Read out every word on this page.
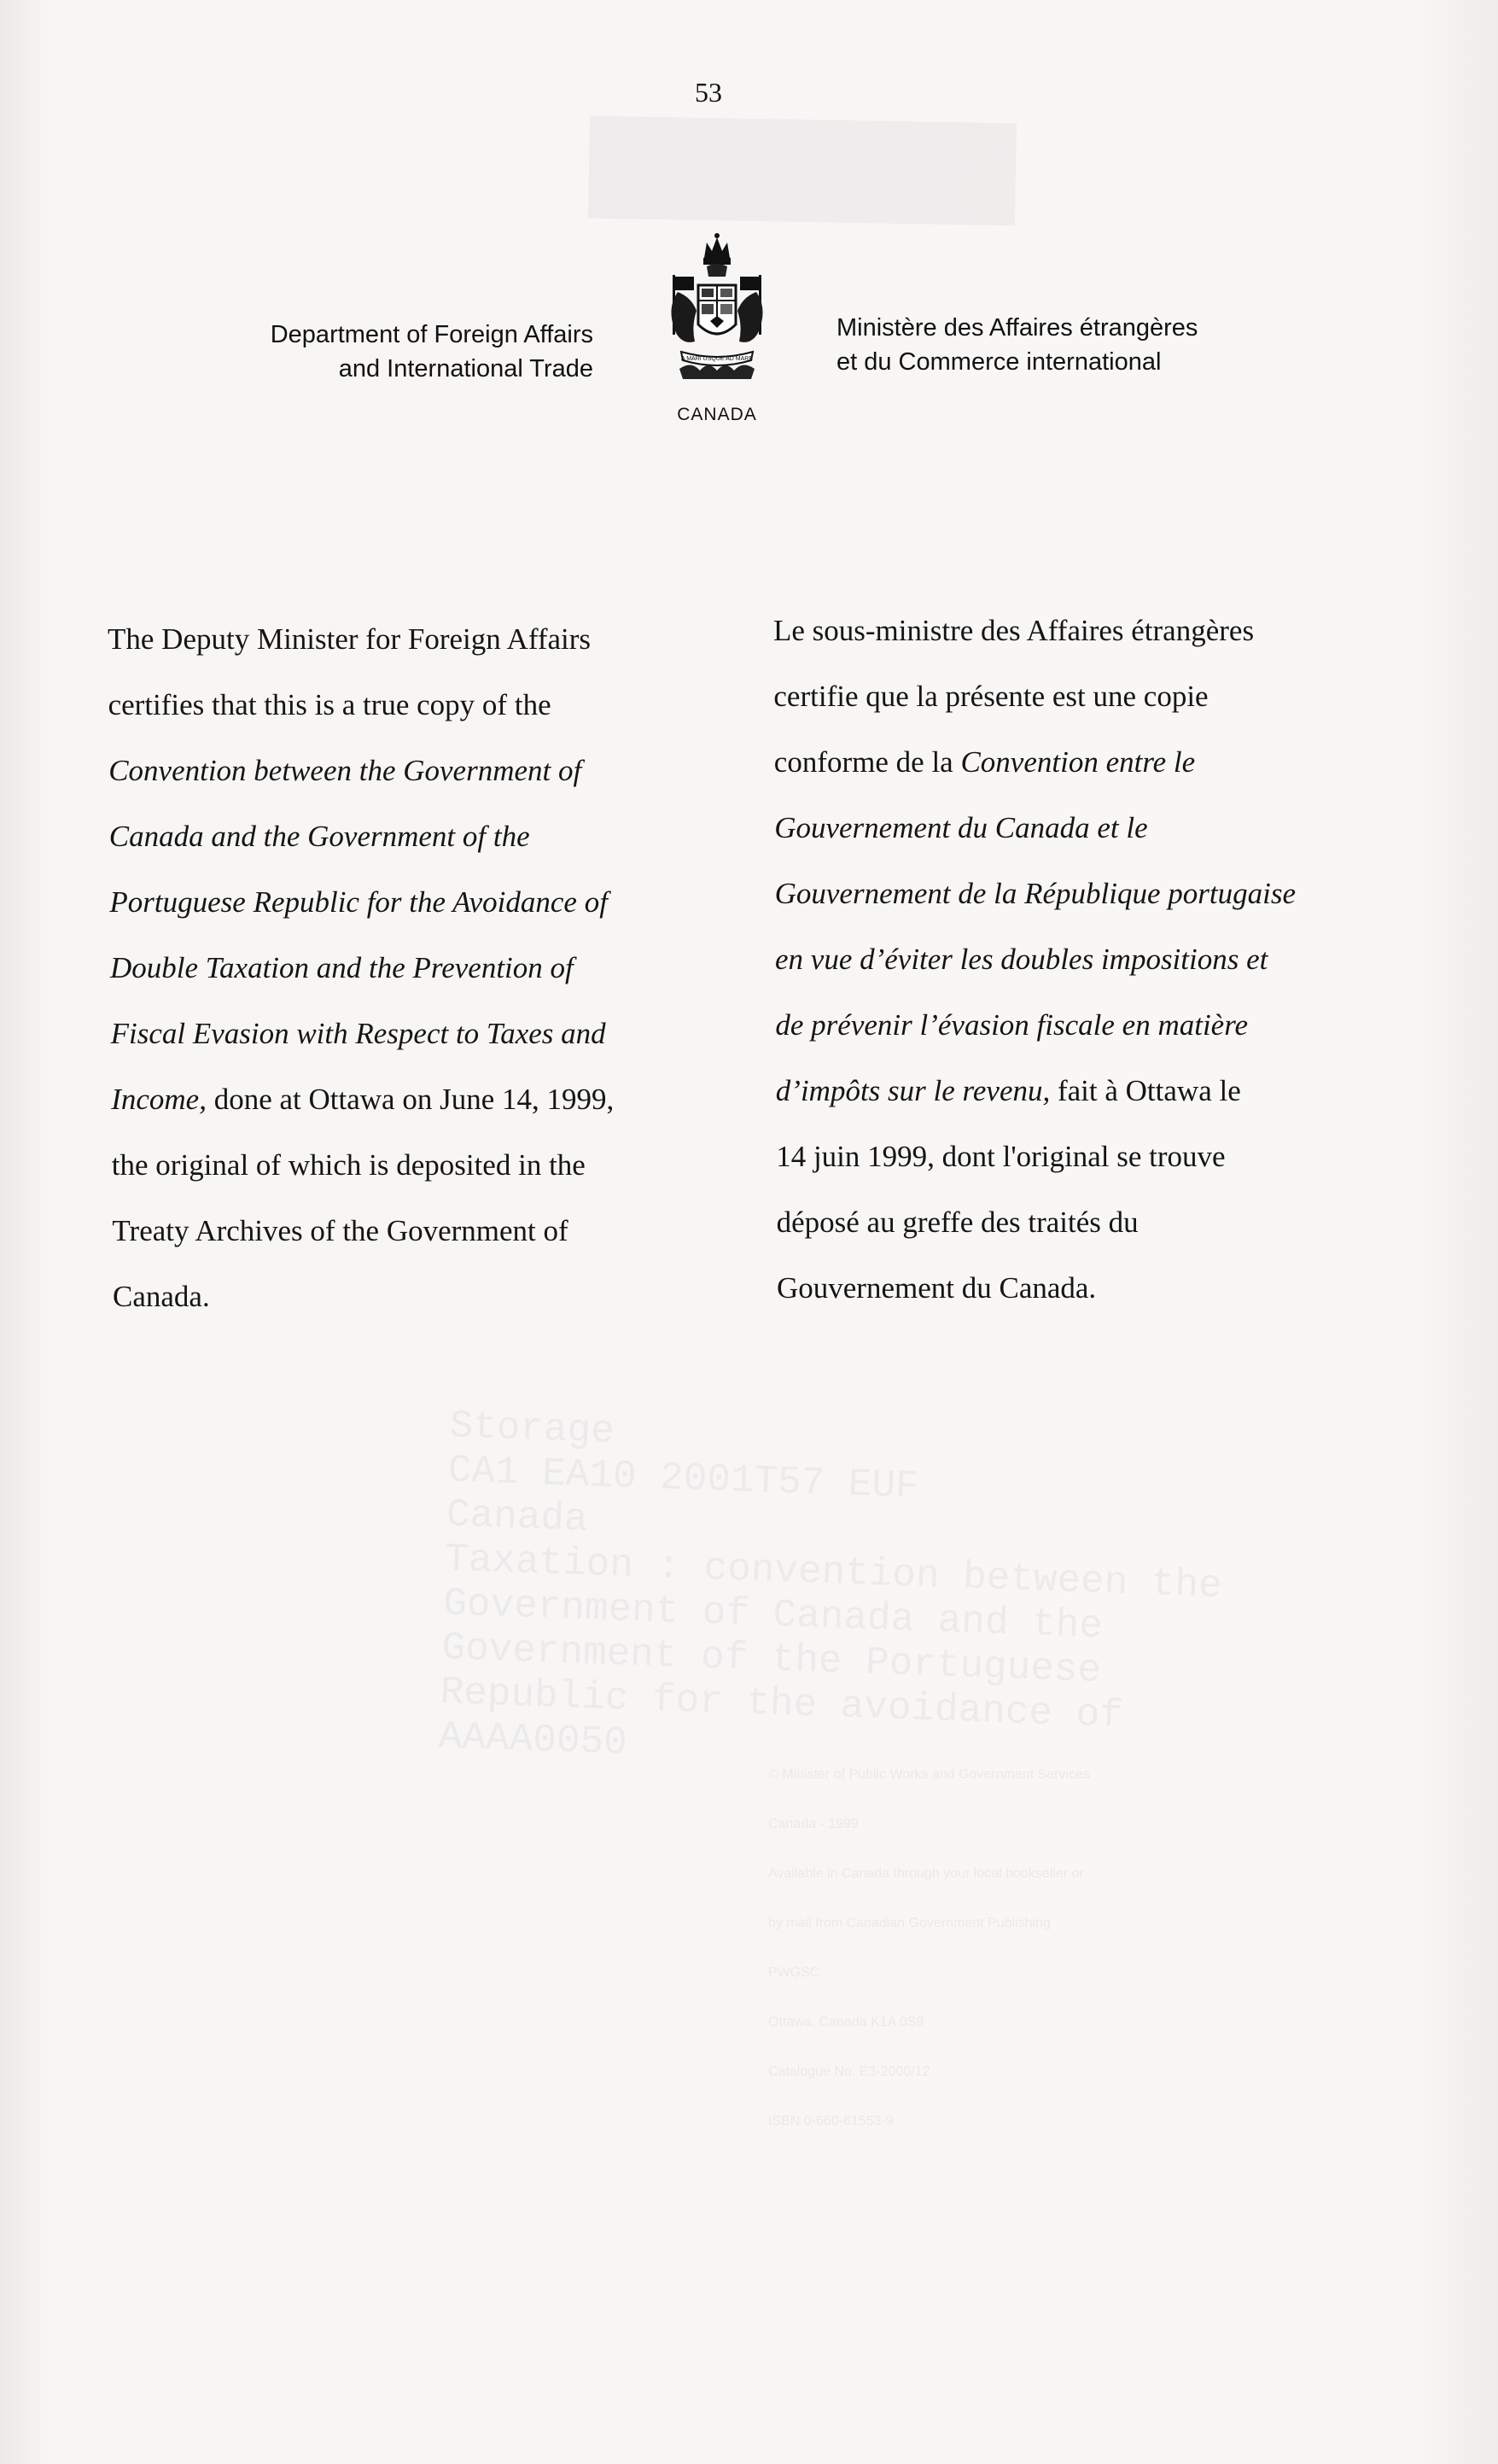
Storage
CA1 EA10 2001T57 EUF
Canada
Taxation : convention between the
Government of Canada and the
Government of the Portuguese
Republic for the avoidance of
AAAA0050
© Minister of Public Works and Government Services
Canada - 1999
Available in Canada through your local bookseller or
by mail from Canadian Government Publishing
PWGSC
Ottawa, Canada K1A 0S9
Catalogue No. E3-2000/12
ISBN 0-660-61553-9
53
Department of Foreign Affairs
and International Trade	A MARI USQUE AD MARE
CANADA
Ministère des Affaires étrangères
et du Commerce international
The Deputy Minister for Foreign Affairs
certifies that this is a true copy of the
Convention between the Government of
Canada and the Government of the
Portuguese Republic for the Avoidance of
Double Taxation and the Prevention of
Fiscal Evasion with Respect to Taxes and
Income, done at Ottawa on June 14, 1999,
the original of which is deposited in the
Treaty Archives of the Government of
Canada.
Le sous-ministre des Affaires étrangères
certifie que la présente est une copie
conforme de la Convention entre le
Gouvernement du Canada et le
Gouvernement de la République portugaise
en vue d’éviter les doubles impositions et
de prévenir l’évasion fiscale en matière
d’impôts sur le revenu, fait à Ottawa le
14 juin 1999, dont l'original se trouve
déposé au greffe des traités du
Gouvernement du Canada.
